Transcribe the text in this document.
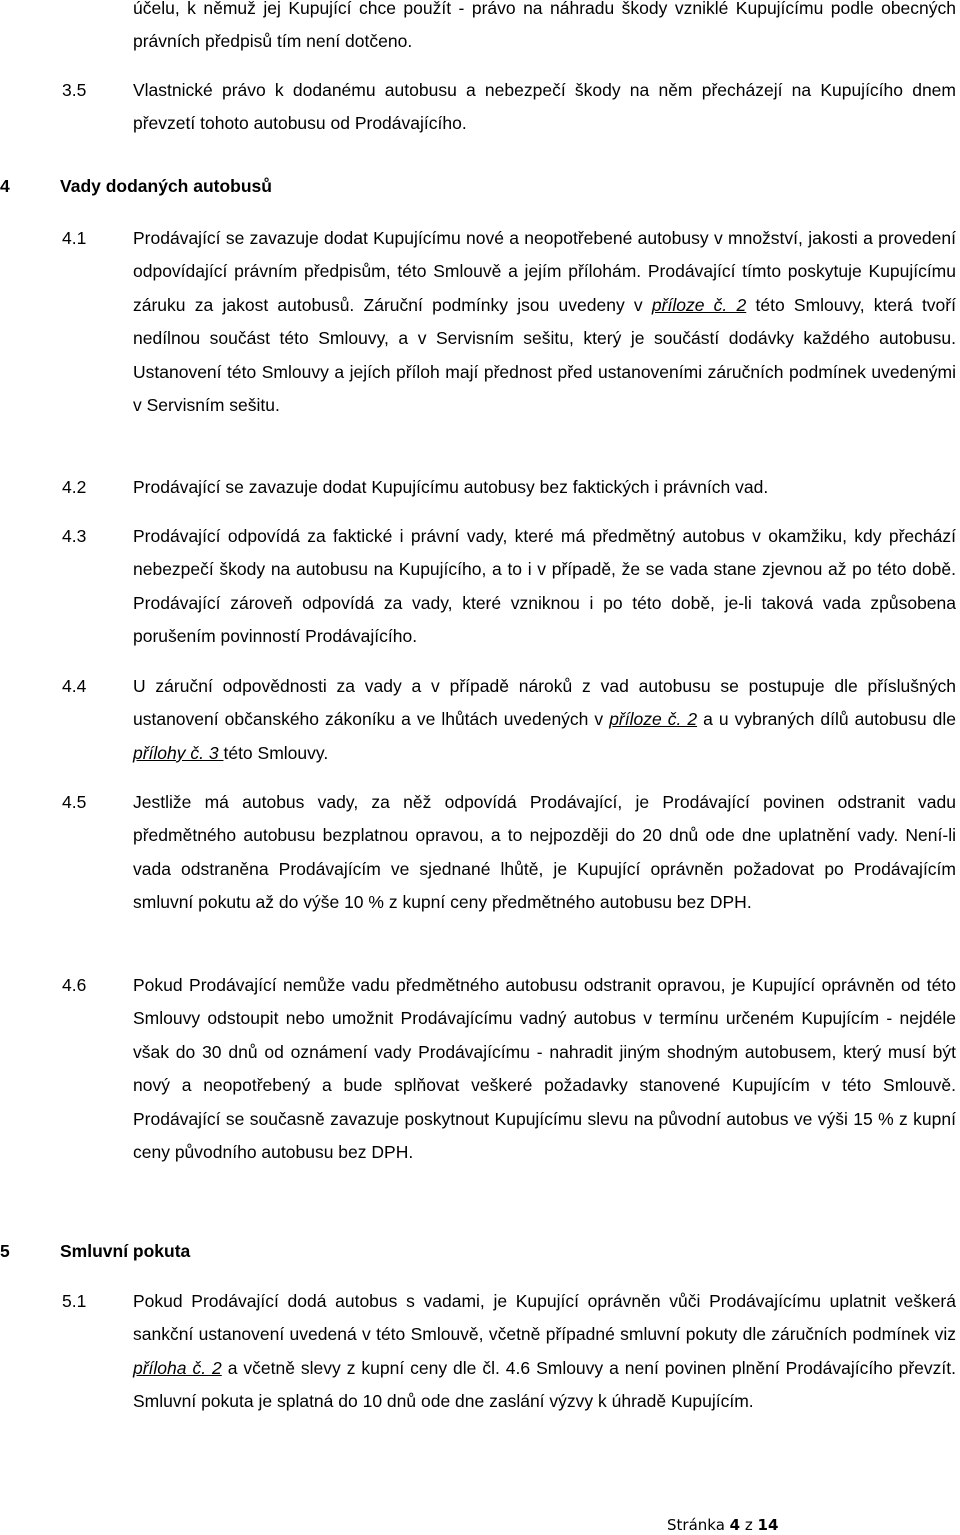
účelu, k němuž jej Kupující chce použít - právo na náhradu škody vzniklé Kupujícímu podle obecných právních předpisů tím není dotčeno.

3.5	Vlastnické právo k dodanému autobusu a nebezpečí škody na něm přecházejí na Kupujícího dnem převzetí tohoto autobusu od Prodávajícího.

4	Vady dodaných autobusů
4.1	Prodávající se zavazuje dodat Kupujícímu nové a neopotřebené autobusy v množství, jakosti a provedení odpovídající právním předpisům, této Smlouvě a jejím přílohám. Prodávající tímto poskytuje Kupujícímu záruku za jakost autobusů. Záruční podmínky jsou uvedeny v příloze č. 2 této Smlouvy, která tvoří nedílnou součást této Smlouvy, a v Servisním sešitu, který je součástí dodávky každého autobusu. Ustanovení této Smlouvy a jejích příloh mají přednost před ustanoveními záručních podmínek uvedenými v Servisním sešitu.

4.2	Prodávající se zavazuje dodat Kupujícímu autobusy bez faktických i právních vad.

4.3	Prodávající odpovídá za faktické i právní vady, které má předmětný autobus v okamžiku, kdy přechází nebezpečí škody na autobusu na Kupujícího, a to i v případě, že se vada stane zjevnou až po této době. Prodávající zároveň odpovídá za vady, které vzniknou i po této době, je-li taková vada způsobena porušením povinností Prodávajícího.

4.4	U záruční odpovědnosti za vady a v případě nároků z vad autobusu se postupuje dle příslušných ustanovení občanského zákoníku a ve lhůtách uvedených v příloze č. 2 a u vybraných dílů autobusu dle přílohy č. 3 této Smlouvy.

4.5	Jestliže má autobus vady, za něž odpovídá Prodávající, je Prodávající povinen odstranit vadu předmětného autobusu bezplatnou opravou, a to nejpozději do 20 dnů ode dne uplatnění vady. Není-li vada odstraněna Prodávajícím ve sjednané lhůtě, je Kupující oprávněn požadovat po Prodávajícím smluvní pokutu až do výše 10 % z kupní ceny předmětného autobusu bez DPH.

4.6	Pokud Prodávající nemůže vadu předmětného autobusu odstranit opravou, je Kupující oprávněn od této Smlouvy odstoupit nebo umožnit Prodávajícímu vadný autobus v termínu určeném Kupujícím - nejdéle však do 30 dnů od oznámení vady Prodávajícímu - nahradit jiným shodným autobusem, který musí být nový a neopotřebený a bude splňovat veškeré požadavky stanovené Kupujícím v této Smlouvě. Prodávající se současně zavazuje poskytnout Kupujícímu slevu na původní autobus ve výši 15 % z kupní ceny původního autobusu bez DPH.

5	Smluvní pokuta
5.1	Pokud Prodávající dodá autobus s vadami, je Kupující oprávněn vůči Prodávajícímu uplatnit veškerá sankční ustanovení uvedená v této Smlouvě, včetně případné smluvní pokuty dle záručních podmínek viz příloha č. 2 a včetně slevy z kupní ceny dle čl. 4.6 Smlouvy a není povinen plnění Prodávajícího převzít. Smluvní pokuta je splatná do 10 dnů ode dne zaslání výzvy k úhradě Kupujícím.

Stránka 4 z 14
